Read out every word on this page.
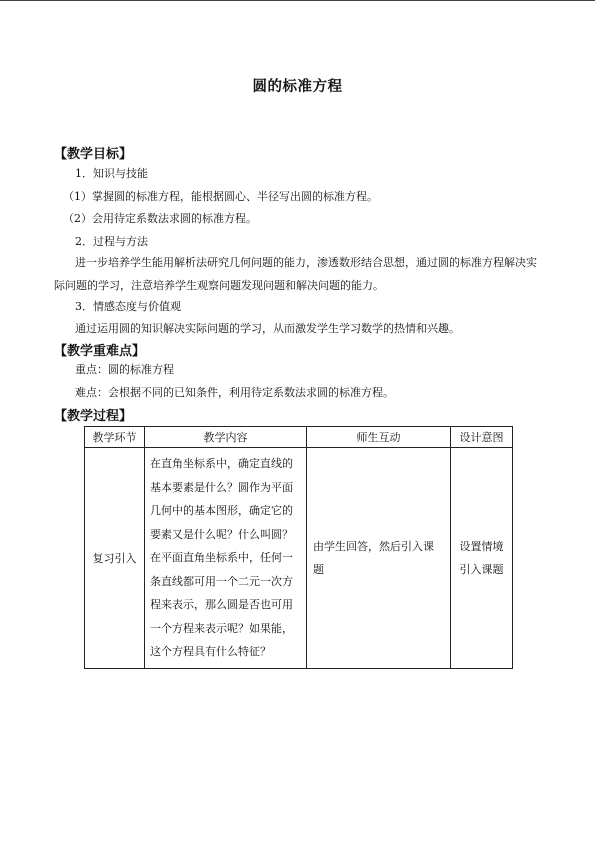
圆的标准方程
【教学目标】
1．知识与技能
（1）掌握圆的标准方程，能根据圆心、半径写出圆的标准方程。
（2）会用待定系数法求圆的标准方程。
2．过程与方法
进一步培养学生能用解析法研究几何问题的能力，渗透数形结合思想，通过圆的标准方程解决实际问题的学习，注意培养学生观察问题发现问题和解决问题的能力。
3．情感态度与价值观
通过运用圆的知识解决实际问题的学习，从而激发学生学习数学的热情和兴趣。
【教学重难点】
重点：圆的标准方程
难点：会根据不同的已知条件，利用待定系数法求圆的标准方程。
【教学过程】
教学环节	教学内容	师生互动	设计意图
复习引入	在直角坐标系中，确定直线的基本要素是什么？圆作为平面几何中的基本图形，确定它的要素又是什么呢？什么叫圆？在平面直角坐标系中，任何一条直线都可用一个二元一次方程来表示，那么圆是否也可用一个方程来表示呢？如果能，这个方程具有什么特征？	由学生回答，然后引入课题	设置情境引入课题
